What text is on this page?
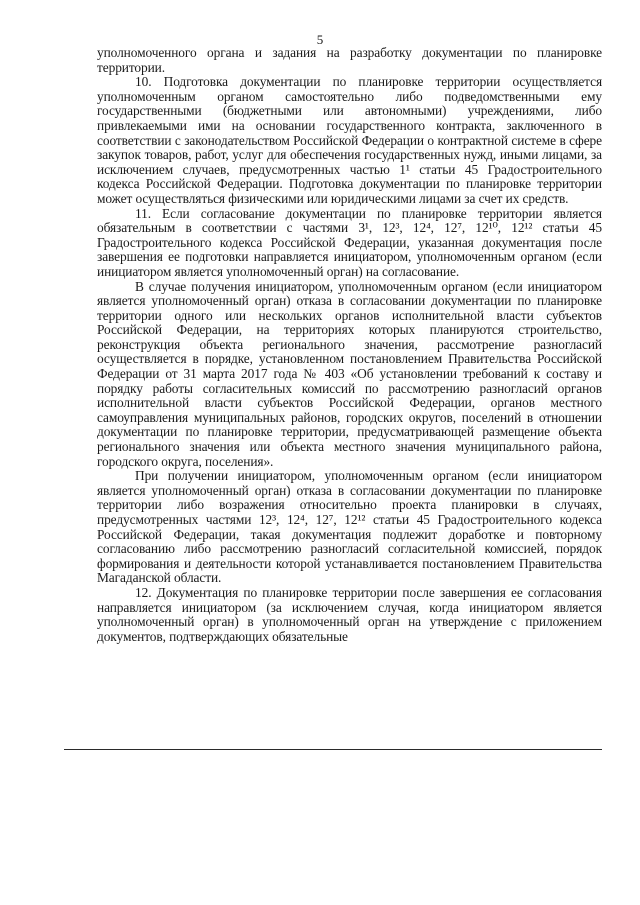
5

уполномоченного органа и задания на разработку документации по планировке территории.

10. Подготовка документации по планировке территории осуществляется уполномоченным органом самостоятельно либо подведомственными ему государственными (бюджетными или автономными) учреждениями, либо привлекаемыми ими на основании государственного контракта, заключенного в соответствии с законодательством Российской Федерации о контрактной системе в сфере закупок товаров, работ, услуг для обеспечения государственных нужд, иными лицами, за исключением случаев, предусмотренных частью 1¹ статьи 45 Градостроительного кодекса Российской Федерации. Подготовка документации по планировке территории может осуществляться физическими или юридическими лицами за счет их средств.

11. Если согласование документации по планировке территории является обязательным в соответствии с частями 3¹, 12³, 12⁴, 12⁷, 12¹⁰, 12¹² статьи 45 Градостроительного кодекса Российской Федерации, указанная документация после завершения ее подготовки направляется инициатором, уполномоченным органом (если инициатором является уполномоченный орган) на согласование.

В случае получения инициатором, уполномоченным органом (если инициатором является уполномоченный орган) отказа в согласовании документации по планировке территории одного или нескольких органов исполнительной власти субъектов Российской Федерации, на территориях которых планируются строительство, реконструкция объекта регионального значения, рассмотрение разногласий осуществляется в порядке, установленном постановлением Правительства Российской Федерации от 31 марта 2017 года № 403 «Об установлении требований к составу и порядку работы согласительных комиссий по рассмотрению разногласий органов исполнительной власти субъектов Российской Федерации, органов местного самоуправления муниципальных районов, городских округов, поселений в отношении документации по планировке территории, предусматривающей размещение объекта регионального значения или объекта местного значения муниципального района, городского округа, поселения».

При получении инициатором, уполномоченным органом (если инициатором является уполномоченный орган) отказа в согласовании документации по планировке территории либо возражения относительно проекта планировки в случаях, предусмотренных частями 12³, 12⁴, 12⁷, 12¹² статьи 45 Градостроительного кодекса Российской Федерации, такая документация подлежит доработке и повторному согласованию либо рассмотрению разногласий согласительной комиссией, порядок формирования и деятельности которой устанавливается постановлением Правительства Магаданской области.

12. Документация по планировке территории после завершения ее согласования направляется инициатором (за исключением случая, когда инициатором является уполномоченный орган) в уполномоченный орган на утверждение с приложением документов, подтверждающих обязательные
